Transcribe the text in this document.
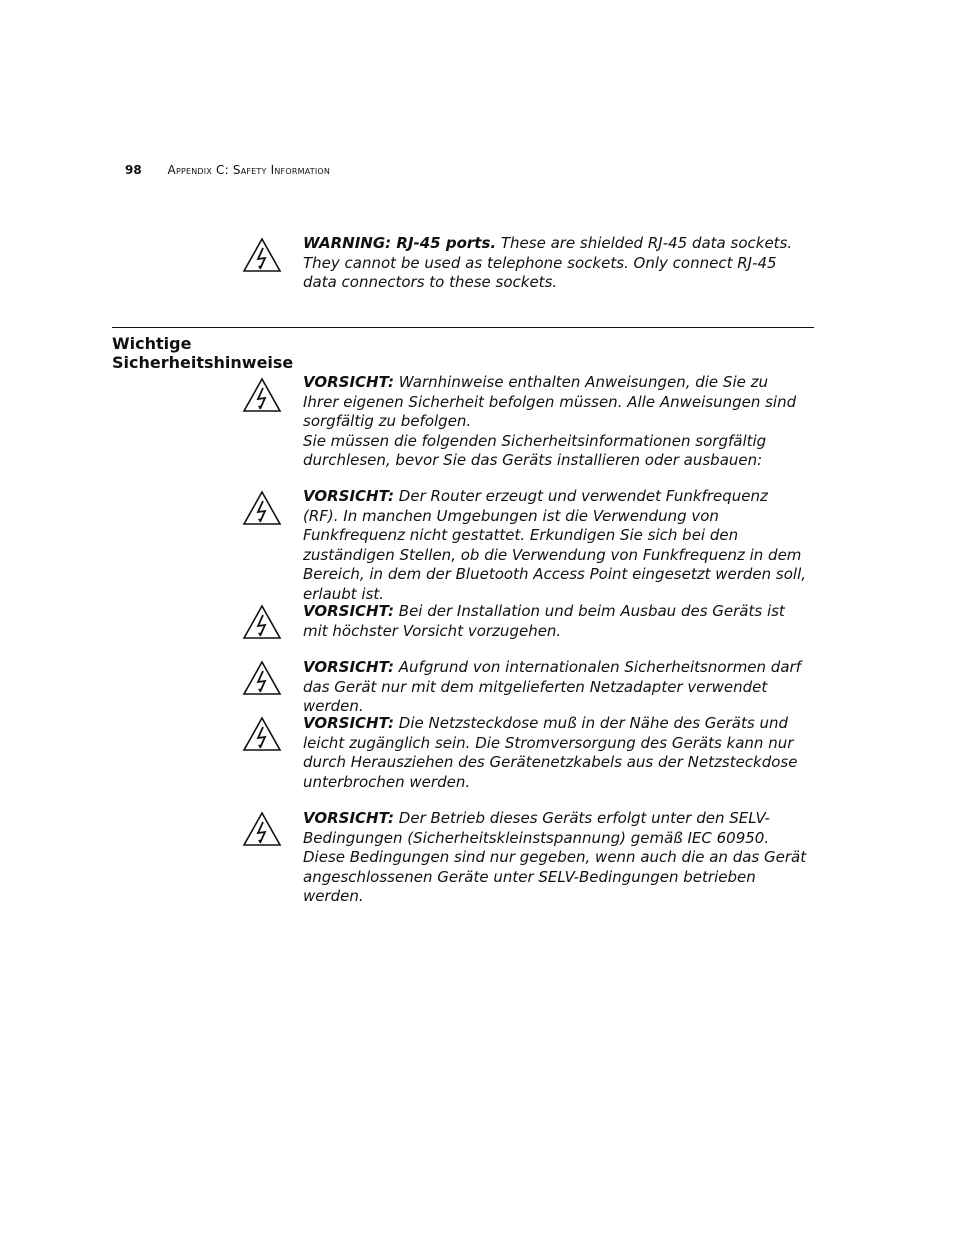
98 Appendix C: Safety Information
WARNING: RJ-45 ports. These are shielded RJ-45 data sockets. They cannot be used as telephone sockets. Only connect RJ-45 data connectors to these sockets.
Wichtige
Sicherheitshinweise
VORSICHT: Warnhinweise enthalten Anweisungen, die Sie zu Ihrer eigenen Sicherheit befolgen müssen. Alle Anweisungen sind sorgfältig zu befolgen.
Sie müssen die folgenden Sicherheitsinformationen sorgfältig durchlesen, bevor Sie das Geräts installieren oder ausbauen:
VORSICHT: Der Router erzeugt und verwendet Funkfrequenz (RF). In manchen Umgebungen ist die Verwendung von Funkfrequenz nicht gestattet. Erkundigen Sie sich bei den zuständigen Stellen, ob die Verwendung von Funkfrequenz in dem Bereich, in dem der Bluetooth Access Point eingesetzt werden soll, erlaubt ist.
VORSICHT: Bei der Installation und beim Ausbau des Geräts ist mit höchster Vorsicht vorzugehen.
VORSICHT: Aufgrund von internationalen Sicherheitsnormen darf das Gerät nur mit dem mitgelieferten Netzadapter verwendet werden.
VORSICHT: Die Netzsteckdose muß in der Nähe des Geräts und leicht zugänglich sein. Die Stromversorgung des Geräts kann nur durch Herausziehen des Gerätenetzkabels aus der Netzsteckdose unterbrochen werden.
VORSICHT: Der Betrieb dieses Geräts erfolgt unter den SELV-Bedingungen (Sicherheitskleinstspannung) gemäß IEC 60950. Diese Bedingungen sind nur gegeben, wenn auch die an das Gerät angeschlossenen Geräte unter SELV-Bedingungen betrieben werden.
